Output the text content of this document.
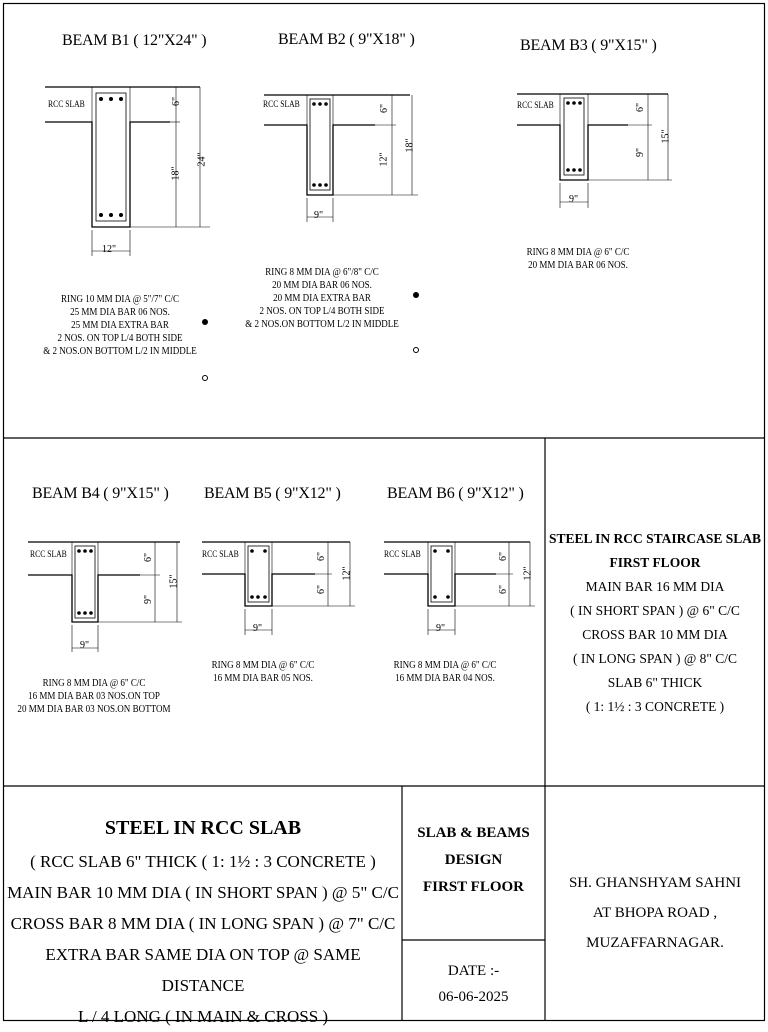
BEAM B1 ( 12"X24" )	BEAM B2 ( 9"X18" )	BEAM B3 ( 9"X15" )
BEAM B4 ( 9"X15" ) BEAM B5 ( 9"X12" )	BEAM B6 ( 9"X12" )
RCC SLAB	RCC SLAB	RCC SLAB
RCC SLAB	RCC SLAB	RCC SLAB
6"
18"
24"
12"
6"
12"
18"
9"
6"
9"
15"
9"
6"
9"
15"
9"
6"
6"
12"
9"
6"
6"
12"
9"
RING 10 MM DIA @ 5"/7" C/C
25 MM DIA BAR 06 NOS.
25 MM DIA EXTRA BAR
2 NOS. ON TOP L/4 BOTH SIDE
& 2 NOS.ON BOTTOM L/2 IN MIDDLE
RING 8 MM DIA @ 6"/8" C/C
20 MM DIA BAR 06 NOS.
20 MM DIA EXTRA BAR
2 NOS. ON TOP L/4 BOTH SIDE
& 2 NOS.ON BOTTOM L/2 IN MIDDLE
RING 8 MM DIA @ 6" C/C
20 MM DIA BAR 06 NOS.
RING 8 MM DIA @ 6" C/C
16 MM DIA BAR 03 NOS.ON TOP
20 MM DIA BAR 03 NOS.ON BOTTOM
RING 8 MM DIA @ 6" C/C
16 MM DIA BAR 05 NOS.
RING 8 MM DIA @ 6" C/C
16 MM DIA BAR 04 NOS.
STEEL IN RCC STAIRCASE SLAB
FIRST FLOOR
MAIN BAR 16 MM DIA
( IN SHORT SPAN ) @ 6" C/C
CROSS BAR 10 MM DIA
( IN LONG SPAN ) @ 8" C/C
SLAB 6" THICK
( 1: 1½ : 3 CONCRETE )
STEEL IN RCC SLAB
( RCC SLAB 6" THICK ( 1: 1½ : 3 CONCRETE )
MAIN BAR 10 MM DIA ( IN SHORT SPAN ) @ 5" C/C
CROSS BAR 8 MM DIA ( IN LONG SPAN ) @ 7" C/C
EXTRA BAR SAME DIA ON TOP @ SAME DISTANCE
L / 4 LONG ( IN MAIN & CROSS )
SLAB & BEAMS
DESIGN
FIRST FLOOR
DATE :-
06-06-2025
SH. GHANSHYAM SAHNI
AT BHOPA ROAD ,
MUZAFFARNAGAR.
